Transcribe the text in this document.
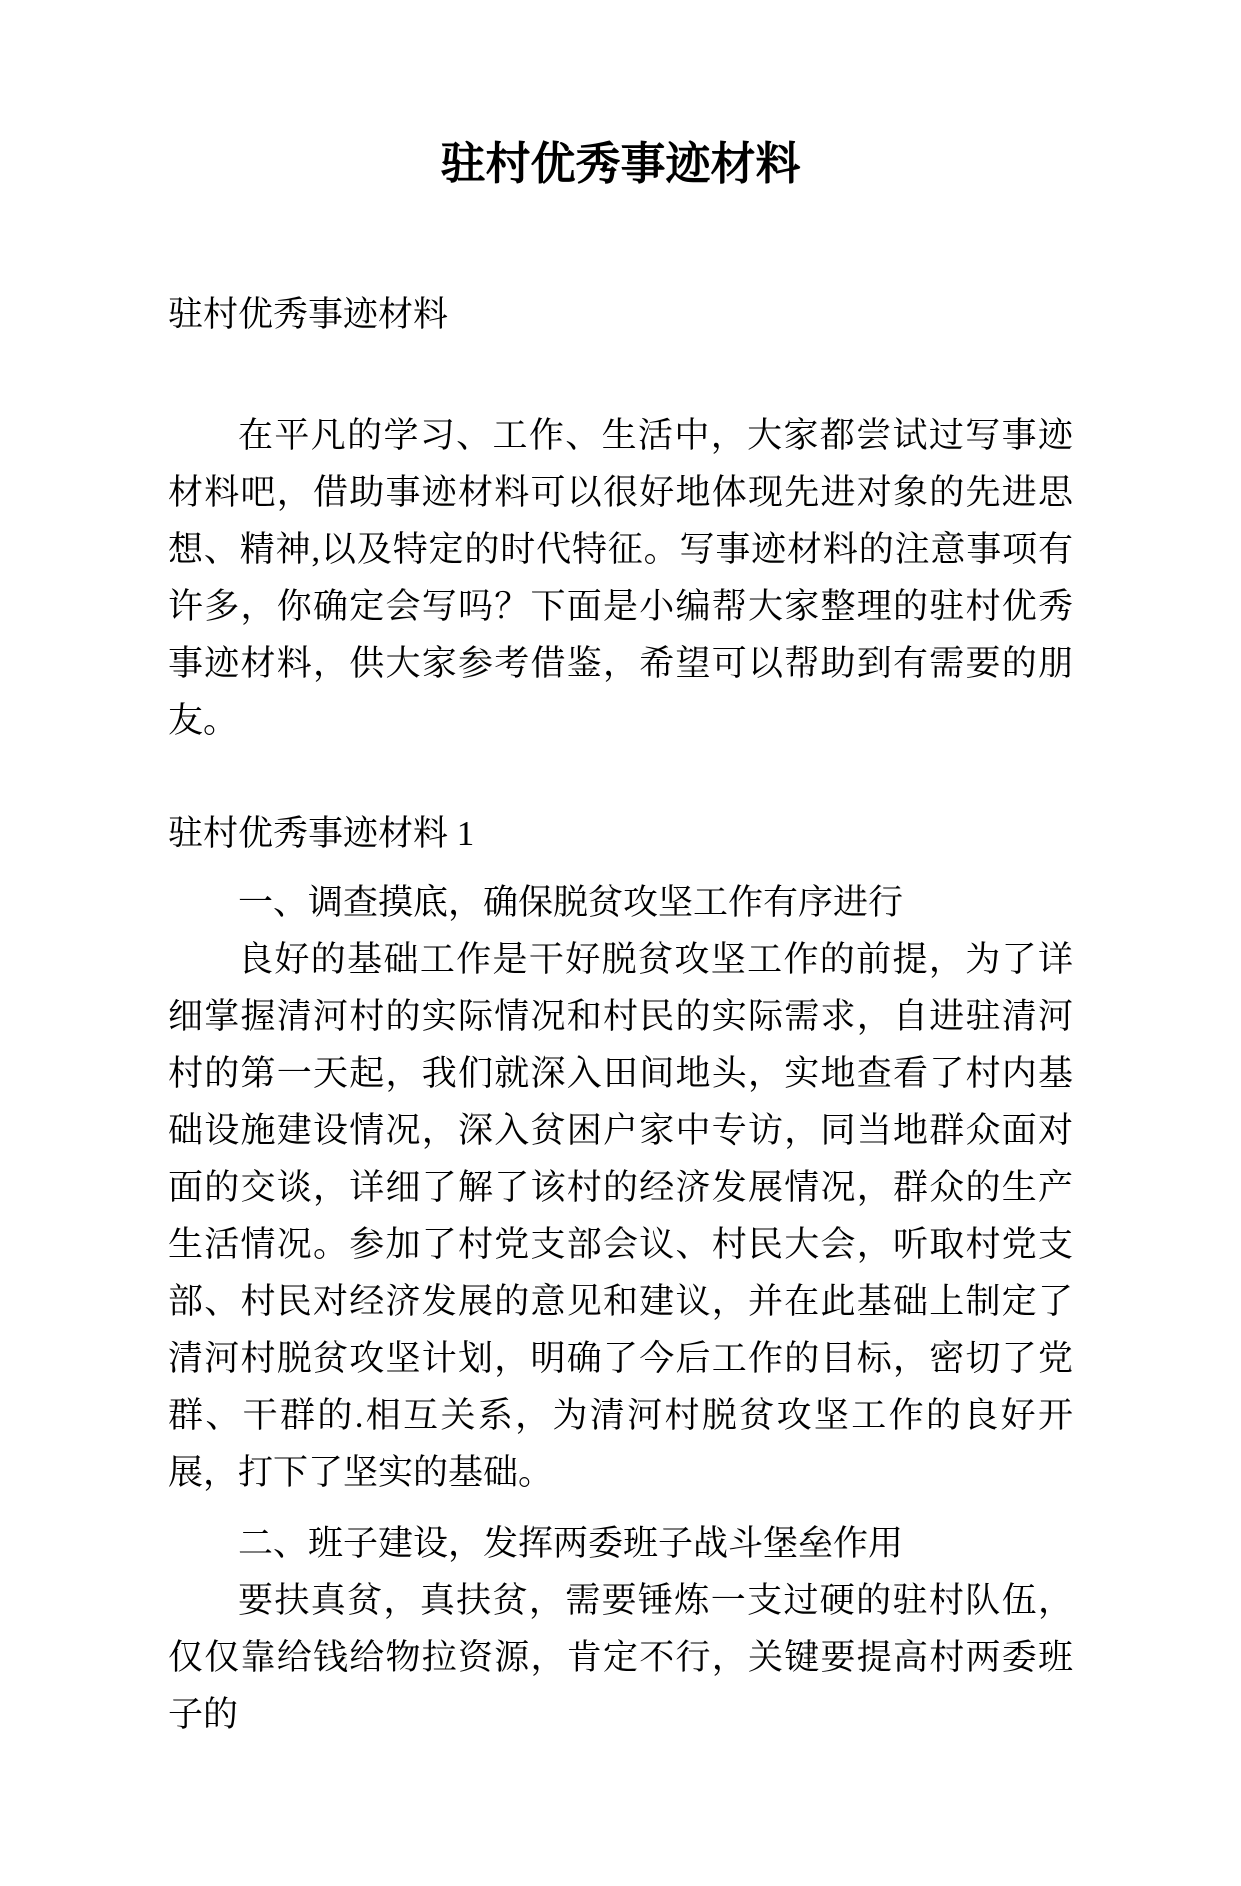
驻村优秀事迹材料

驻村优秀事迹材料

在平凡的学习、工作、生活中，大家都尝试过写事迹材料吧，借助事迹材料可以很好地体现先进对象的先进思想、精神,以及特定的时代特征。写事迹材料的注意事项有许多，你确定会写吗？下面是小编帮大家整理的驻村优秀事迹材料，供大家参考借鉴，希望可以帮助到有需要的朋友。

驻村优秀事迹材料 1

一、调查摸底，确保脱贫攻坚工作有序进行

良好的基础工作是干好脱贫攻坚工作的前提，为了详细掌握清河村的实际情况和村民的实际需求，自进驻清河村的第一天起，我们就深入田间地头，实地查看了村内基础设施建设情况，深入贫困户家中专访，同当地群众面对面的交谈，详细了解了该村的经济发展情况，群众的生产生活情况。参加了村党支部会议、村民大会，听取村党支部、村民对经济发展的意见和建议，并在此基础上制定了清河村脱贫攻坚计划，明确了今后工作的目标，密切了党群、干群的.相互关系，为清河村脱贫攻坚工作的良好开展，打下了坚实的基础。

二、班子建设，发挥两委班子战斗堡垒作用

要扶真贫，真扶贫，需要锤炼一支过硬的驻村队伍，仅仅靠给钱给物拉资源，肯定不行，关键要提高村两委班子的
